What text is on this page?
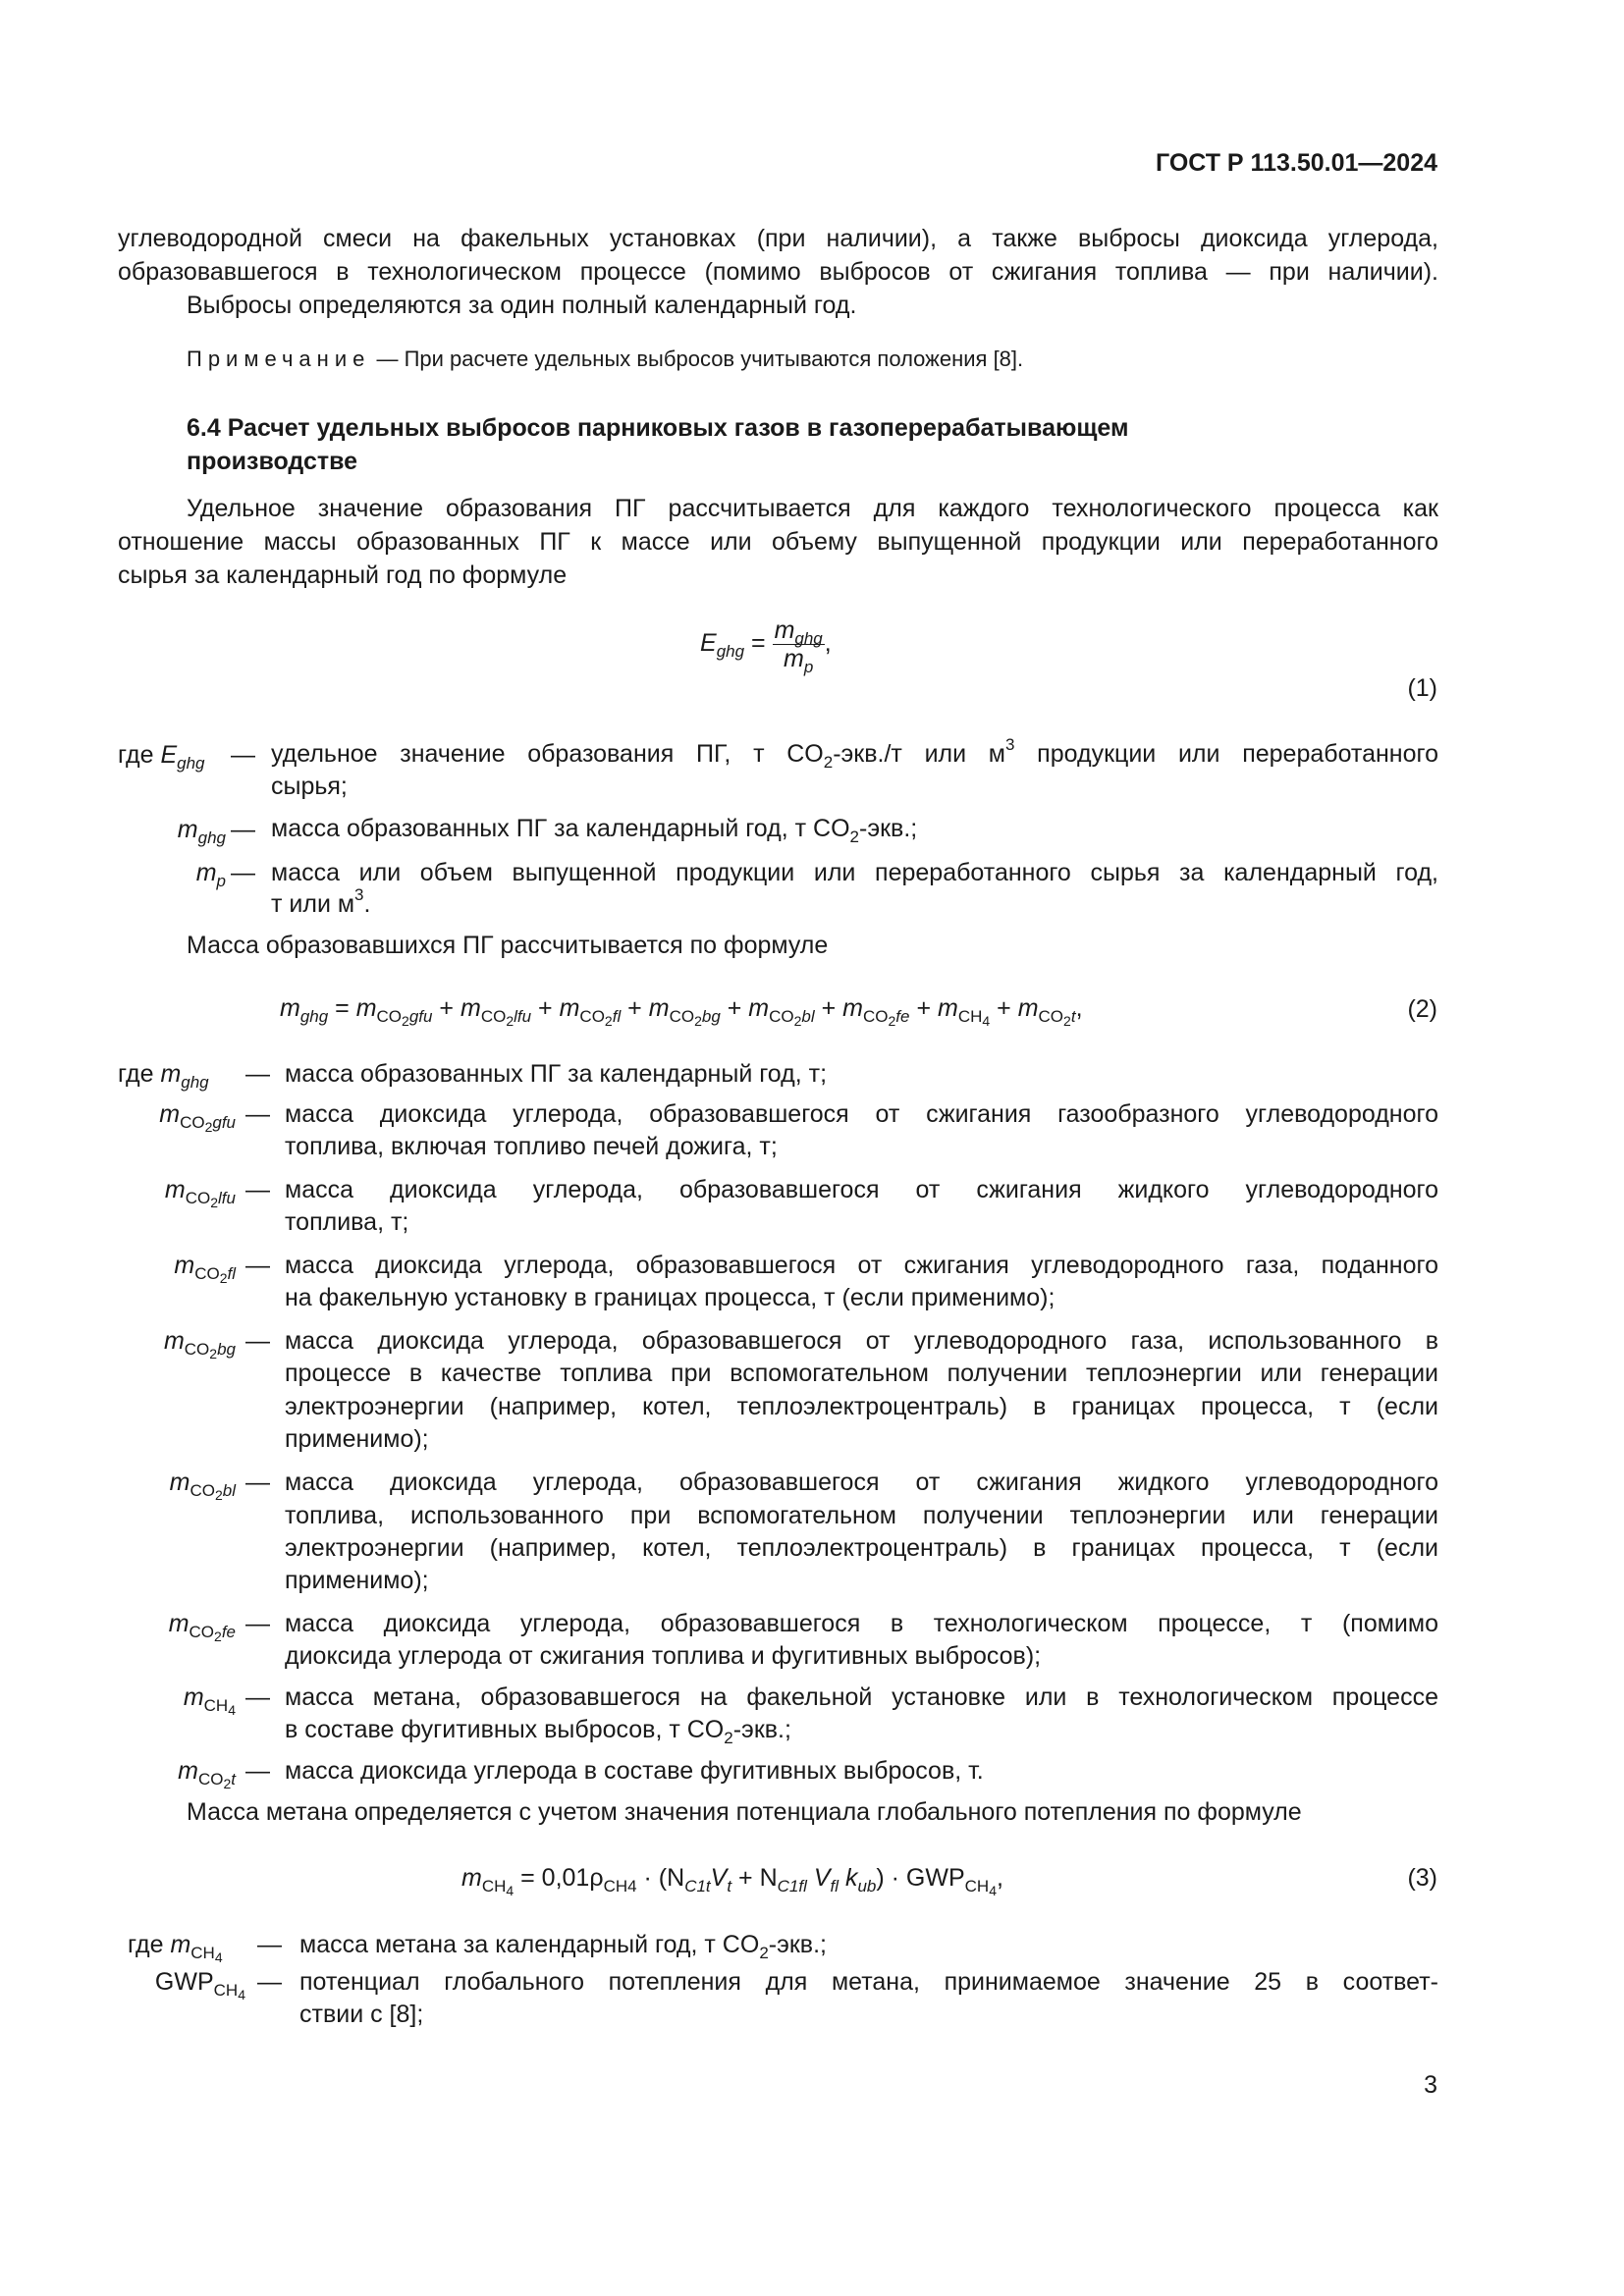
ГОСТ Р 113.50.01—2024
углеводородной смеси на факельных установках (при наличии), а также выбросы диоксида углерода,
образовавшегося в технологическом процессе (помимо выбросов от сжигания топлива — при наличии).
Выбросы определяются за один полный календарный год.
Примечание — При расчете удельных выбросов учитываются положения [8].
6.4 Расчет удельных выбросов парниковых газов в газоперерабатывающем
производстве
Удельное значение образования ПГ рассчитывается для каждого технологического процесса как
отношение массы образованных ПГ к массе или объему выпущенной продукции или переработанного
сырья за календарный год по формуле
$E_{ghg} = \frac{m_{ghg}}{m_p}$ ,
(1)
где $E_{ghg}$	— удельное значение образования ПГ, т $CO_2-экв./т$ или $м^3$ продукции или переработанного
сырья;
$m_{ghg}$ — масса образованных ПГ за календарный год, т $CO_2$-экв.;
$m_p$ — масса или объем выпущенной продукции или переработанного сырья за календарный год,
т или $м^3$.
Масса образовавшихся ПГ рассчитывается по формуле
$m_{ghg} = m_{CO_2gfu} + m_{CO_2lfu} + m_{CO_2fl} + m_{CO_2bg} + m_{CO_2bl} + m_{CO_2fe} + m_{CH_4} + m_{CO_2t}$,	(2)
где $m_{ghg}$	— масса образованных ПГ за календарный год, т;
$m_{CO_2gfu}$ — масса диоксида углерода, образовавшегося от сжигания газообразного углеводородного
топлива, включая топливо печей дожига, т;
$m_{CO_2lfu}$ — масса диоксида углерода, образовавшегося от сжигания жидкого углеводородного
топлива, т;
$m_{CO_2fl}$ — масса диоксида углерода, образовавшегося от сжигания углеводородного газа, поданного
на факельную установку в границах процесса, т (если применимо);
$m_{CO_2bg}$ — масса диоксида углерода, образовавшегося от углеводородного газа, использованного в
процессе в качестве топлива при вспомогательном получении теплоэнергии или генерации
электроэнергии (например, котел, теплоэлектроцентраль) в границах процесса, т (если
применимо);
$m_{CO_2bl}$ — масса диоксида углерода, образовавшегося от сжигания жидкого углеводородного
топлива, использованного при вспомогательном получении теплоэнергии или генерации
электроэнергии (например, котел, теплоэлектроцентраль) в границах процесса, т (если
применимо);
$m_{CO_2fe}$ — масса диоксида углерода, образовавшегося в технологическом процессе, т (помимо
диоксида углерода от сжигания топлива и фугитивных выбросов);
$m_{CH_4}$ — масса метана, образовавшегося на факельной установке или в технологическом процессе
в составе фугитивных выбросов, т $CO_2$-экв.;
$m_{CO_2t}$ — масса диоксида углерода в составе фугитивных выбросов, т.
Масса метана определяется с учетом значения потенциала глобального потепления по формуле
$m_{CH_4} = 0,01\rho_{CH4} \cdot (N_{C1t}V_t + N_{C1fl}$ $V_{fl}$ $k_{ub}) \cdot GWP_{CH_4}$,	(3)
где $m_{CH_4}$	— масса метана за календарный год, т $CO_2$-экв.;
$GWP_{CH_4}$ — потенциал глобального потепления для метана, принимаемое значение 25 в соответ-
ствии с [8];
3
